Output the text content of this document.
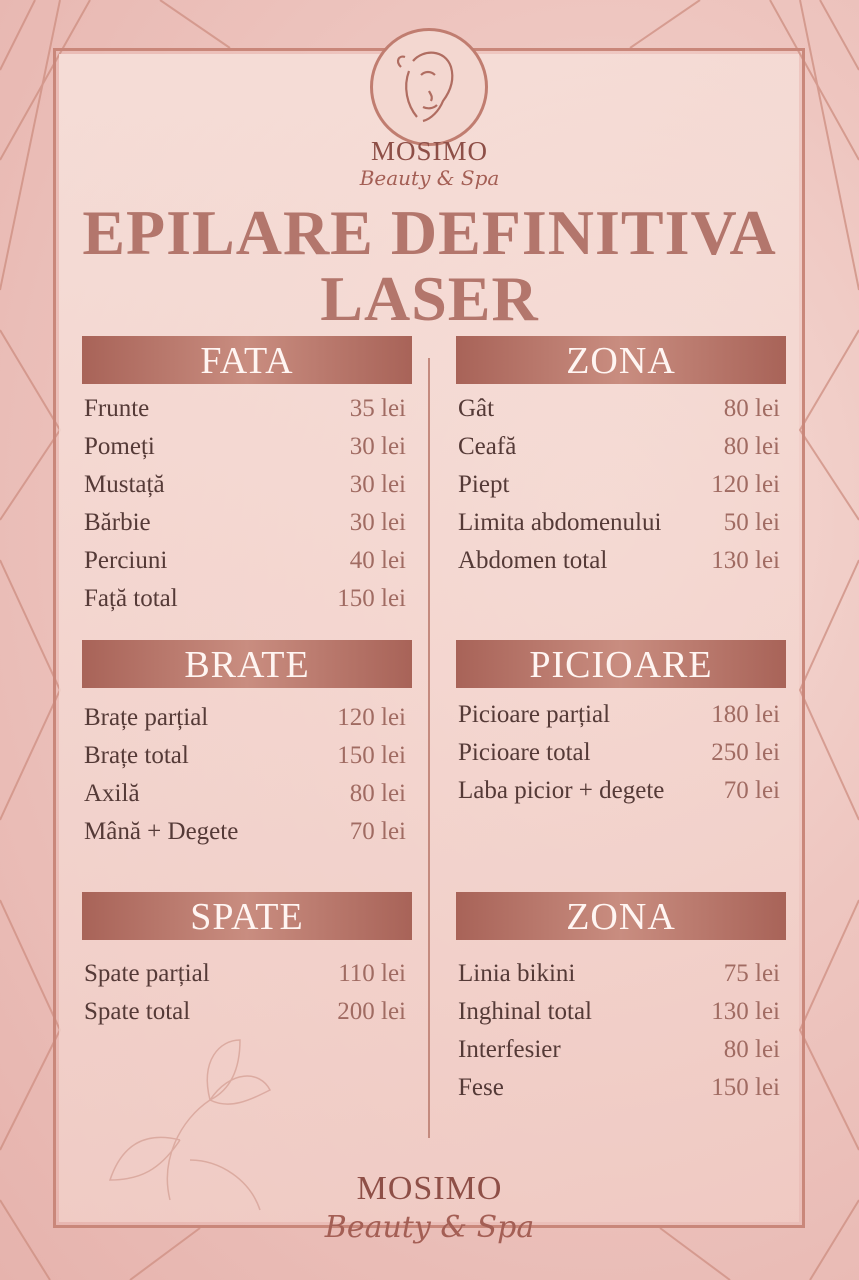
MOSIMO
Beauty & Spa
EPILARE DEFINITIVA
LASER
FATA
Frunte	35 lei
Pomeți	30 lei
Mustață	30 lei
Bărbie	30 lei
Perciuni	40 lei
Față total	150 lei
ZONA
Gât	80 lei
Ceafă	80 lei
Piept	120 lei
Limita abdomenului 50 lei
Abdomen total	130 lei
BRATE
Brațe parțial	120 lei
Brațe total	150 lei
Axilă	80 lei
Mână + Degete	70 lei
PICIOARE
Picioare parțial	180 lei
Picioare total	250 lei
Laba picior + degete 70 lei
SPATE
Spate parțial	110 lei
Spate total	200 lei
ZONA
Linia bikini	75 lei
Inghinal total	130 lei
Interfesier	80 lei
Fese	150 lei
MOSIMO
Beauty & Spa
